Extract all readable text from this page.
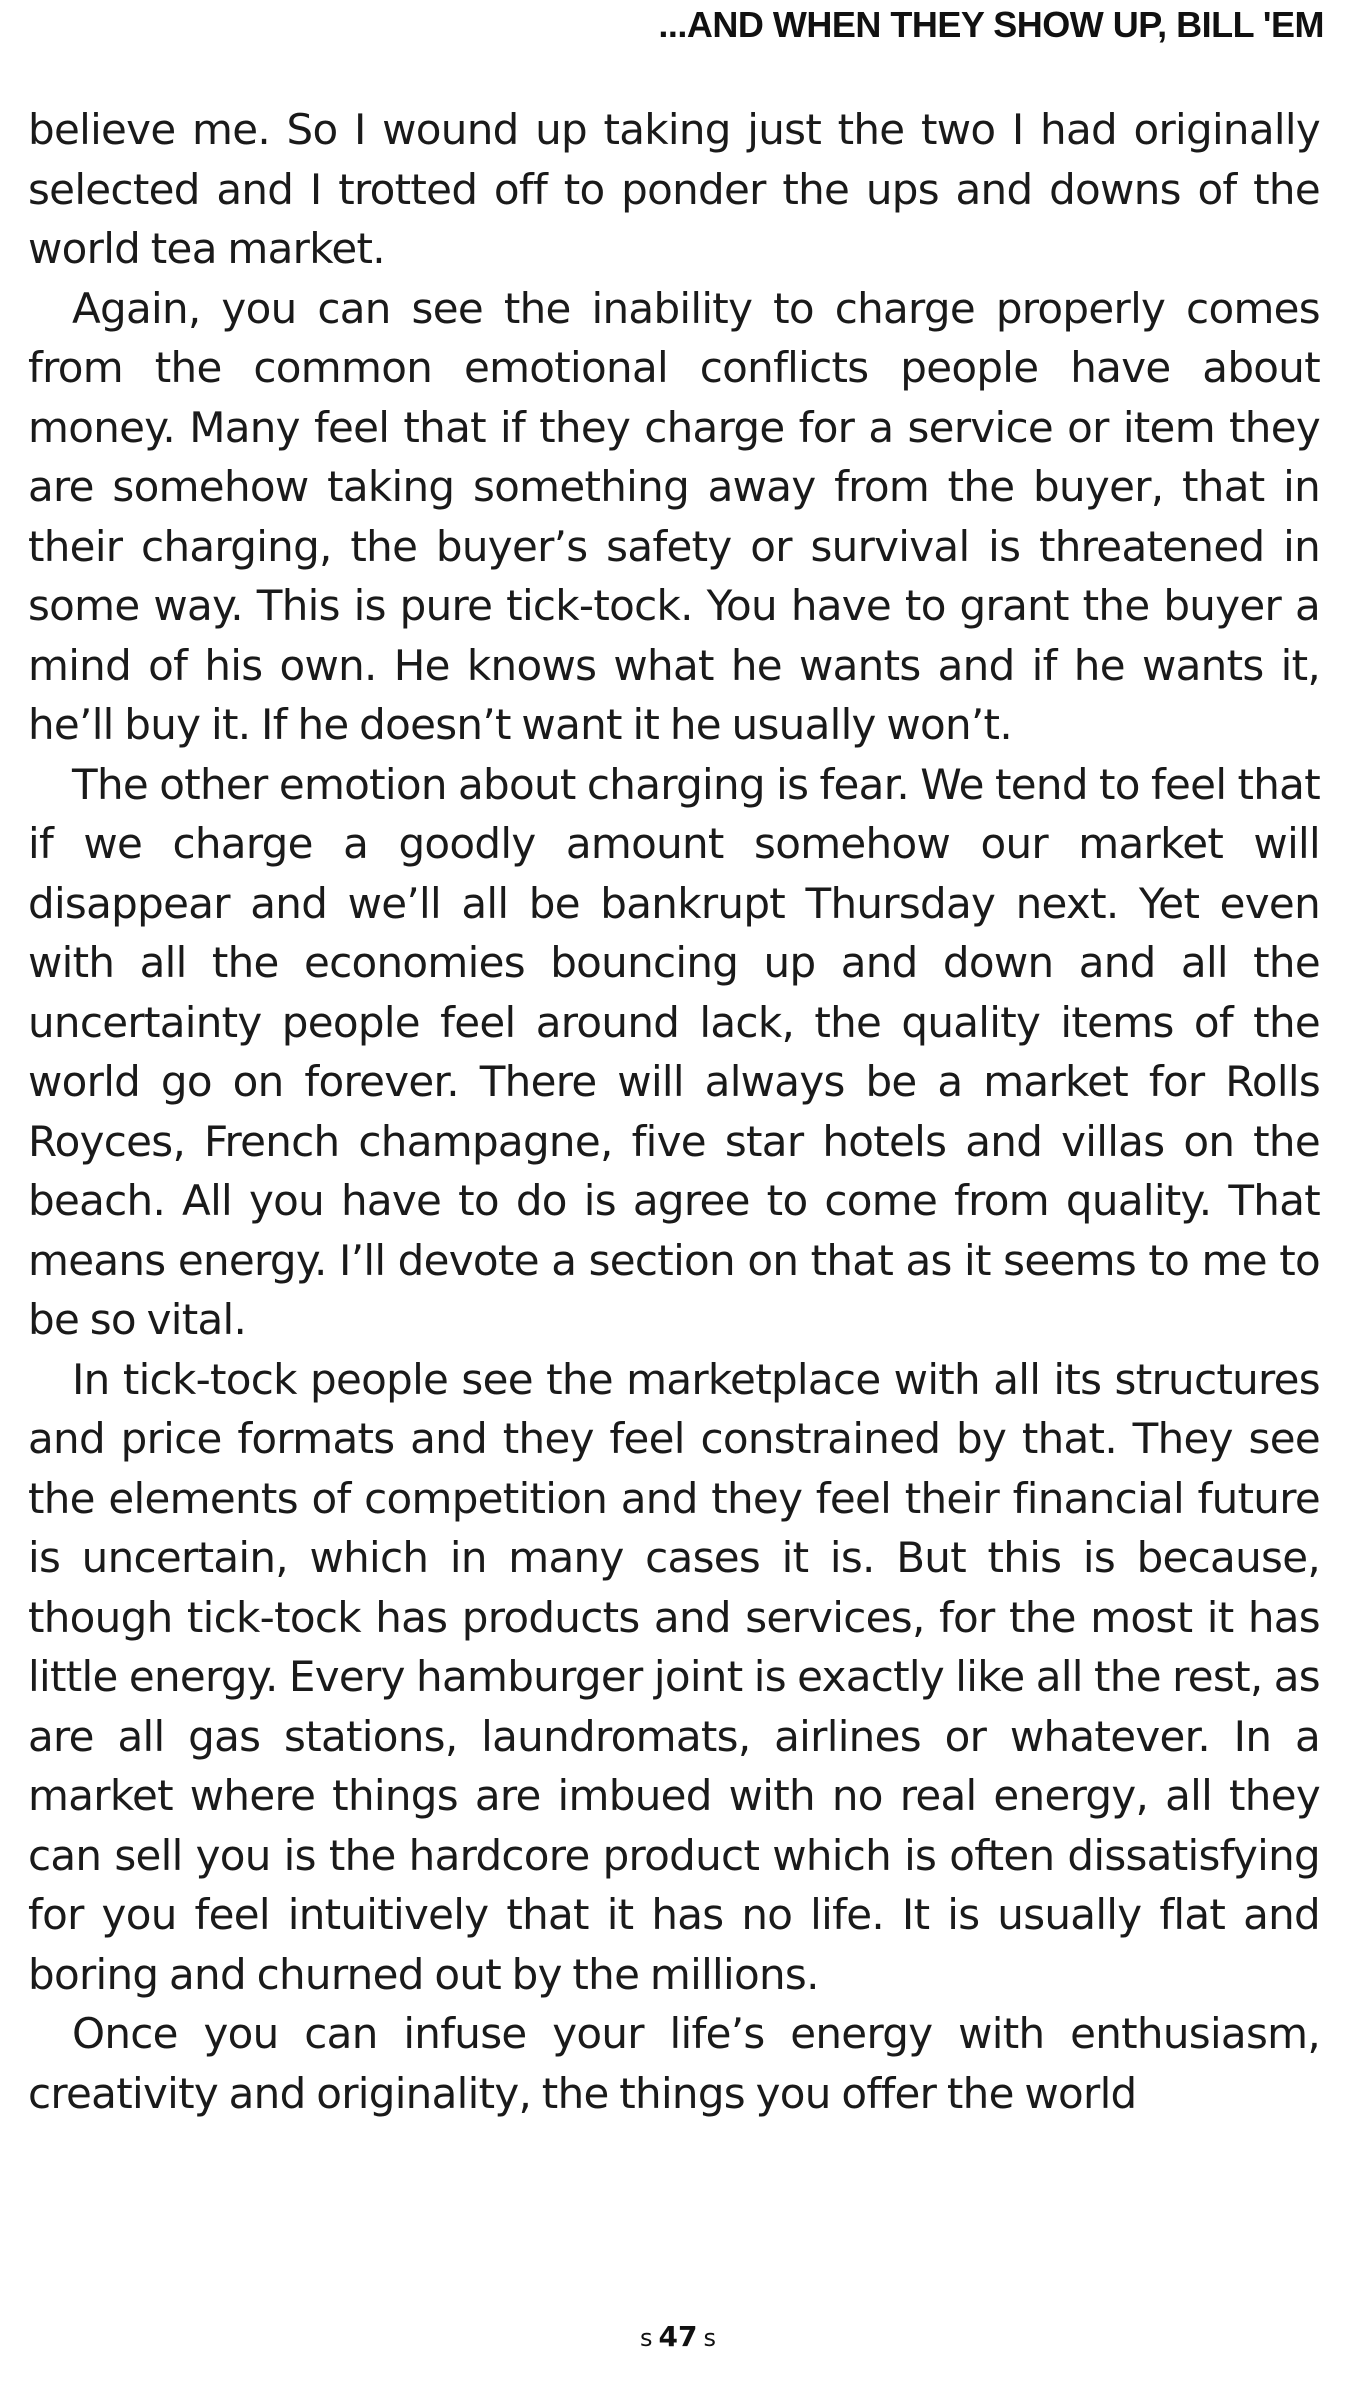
...AND WHEN THEY SHOW UP, BILL 'EM

believe me. So I wound up taking just the two I had originally selected and I trotted off to ponder the ups and downs of the world tea market.

Again, you can see the inability to charge properly comes from the common emotional conflicts people have about money. Many feel that if they charge for a service or item they are somehow taking something away from the buyer, that in their charging, the buyer’s safety or survival is threatened in some way. This is pure tick-tock. You have to grant the buyer a mind of his own. He knows what he wants and if he wants it, he’ll buy it. If he doesn’t want it he usually won’t.

The other emotion about charging is fear. We tend to feel that if we charge a goodly amount somehow our market will disappear and we’ll all be bankrupt Thursday next. Yet even with all the economies bouncing up and down and all the uncertainty people feel around lack, the quality items of the world go on forever. There will always be a market for Rolls Royces, French champagne, five star hotels and villas on the beach. All you have to do is agree to come from quality. That means energy. I’ll devote a section on that as it seems to me to be so vital.

In tick-tock people see the marketplace with all its structures and price formats and they feel constrained by that. They see the elements of competition and they feel their financial future is uncertain, which in many cases it is. But this is because, though tick-tock has products and services, for the most it has little energy. Every hamburger joint is exactly like all the rest, as are all gas stations, laundromats, airlines or whatever. In a market where things are imbued with no real energy, all they can sell you is the hardcore product which is often dissatisfying for you feel intuitively that it has no life. It is usually flat and boring and churned out by the millions.

Once you can infuse your life’s energy with enthusiasm, creativity and originality, the things you offer the world

s 47 s
